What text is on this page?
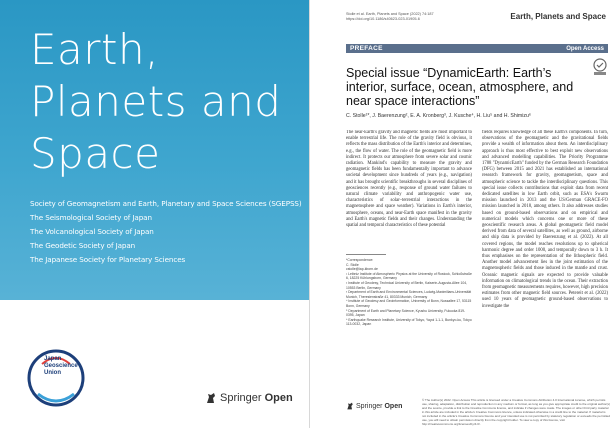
Earth,
Planets and
Space
Society of Geomagnetism and Earth, Planetary and Space Sciences (SGEPSS)
The Seismological Society of Japan
The Volcanological Society of Japan
The Geodetic Society of Japan
The Japanese Society for Planetary Sciences
Japan
Geoscience
Union
Springer Open
Stolle et al. Earth, Planets and Space (2022) 74:187
https://doi.org/10.1186/s40623-023-01905-6	Earth, Planets and Space
PREFACE	Open Access
Special issue “DynamicEarth: Earth’s interior, surface, ocean, atmosphere, and near space interactions”
C. Stolle¹*, J. Baerenzung², E. A. Kronberg³, J. Kusche⁴, H. Liu⁵ and H. Shimizu⁶
The near-Earth's gravity and magnetic fields are most important to enable terrestrial life. The role of the gravity field is obvious, it reflects the mass distribution of the Earth's interior and determines, e.g., the flow of water. The role of the geomagnetic field is more indirect. It protects our atmosphere from severe solar and cosmic radiation. Mankind's capability to measure the gravity and geomagnetic fields has been fundamentally important to advance societal development since hundreds of years (e.g., navigation) and it has brought scientific breakthroughs in several disciplines of geosciences recently (e.g., response of ground water failures to natural climate variability and anthropogenic water use, characteristics of solar–terrestrial interactions in the magnetosphere and space weather). Variations in Earth's interior, atmosphere, oceans, and near-Earth space manifest in the gravity and Earth's magnetic fields and their changes. Understanding the spatial and temporal characteristics of these potential
fields requires knowledge of all these Earth's components. In turn, observations of the geomagnetic and the gravitational fields provide a wealth of information about them. An interdisciplinary approach is thus most effective to best exploit new observations and advanced modelling capabilities. The Priority Programme 1788 "DynamicEarth" funded by the German Research Foundation (DFG) between 2015 and 2021 has established an international research framework for gravity, geomagnetism, space and atmospheric science to tackle the interdisciplinary questions. This special issue collects contributions that exploit data from recent dedicated satellites in low Earth orbit, such as ESA's Swarm mission launched in 2013 and the US/German GRACE-FO mission launched in 2018, among others. It also addresses studies based on ground-based observations and on empirical and numerical models which concerns one or more of these geoscientific research areas. A global geomagnetic field model derived from data of several satellites, as well as ground, airborne and ship data is provided by Baerenzung et al. (2022). At all covered regions, the model reaches resolutions up to spherical harmonic degree and order 1000, and temporally down to 3 h. It thus emphasises on the representation of the lithospheric field. Another model advancement lies in the joint estimation of the magnetospheric fields and those induced in the mantle and crust. Oceanic magnetic signals are expected to provide valuable information on climatological trends in the ocean. Their extraction from geomagnetic measurements requires, however, high precision estimates from other magnetic field sources. Petereit et al. (2022) used 10 years of geomagnetic ground-based observations to investigate the
*Correspondence:
C. Stolle
cstolle@iap-kborn.de
¹ Leibniz Institute of Atmospheric Physics at the University of Rostock, Schloßstraße 6, 18225 Kühlungsborn, Germany
² Institute of Geodesy, Technical University of Berlin, Kaiserin-Augusta-Allee 104, 10553 Berlin, Germany
³ Department of Earth and Environmental Sciences, Ludwig-Maximilians-Universität Munich, Theresienstraße 41, 80333 Munich, Germany
⁴ Institute of Geodesy and Geoinformation, University of Bonn, Nussallee 17, 53115 Bonn, Germany
⁵ Department of Earth and Planetary Science, Kyushu University, Fukuoka 819-0395, Japan
⁶ Earthquake Research Institute, University of Tokyo, Yayoi 1-1-1, Bunkyo-ku, Tokyo 113-0032, Japan
Springer Open
© The Author(s) 2022. Open Access This article is licensed under a Creative Commons Attribution 4.0 International License, which permits use, sharing, adaptation, distribution and reproduction in any medium or format, as long as you give appropriate credit to the original author(s) and the source, provide a link to the Creative Commons licence, and indicate if changes were made. The images or other third party material in this article are included in the article's Creative Commons licence, unless indicated otherwise in a credit line to the material. If material is not included in the article's Creative Commons licence and your intended use is not permitted by statutory regulation or exceeds the permitted use, you will need to obtain permission directly from the copyright holder. To view a copy of this licence, visit http://creativecommons.org/licenses/by/4.0/.
